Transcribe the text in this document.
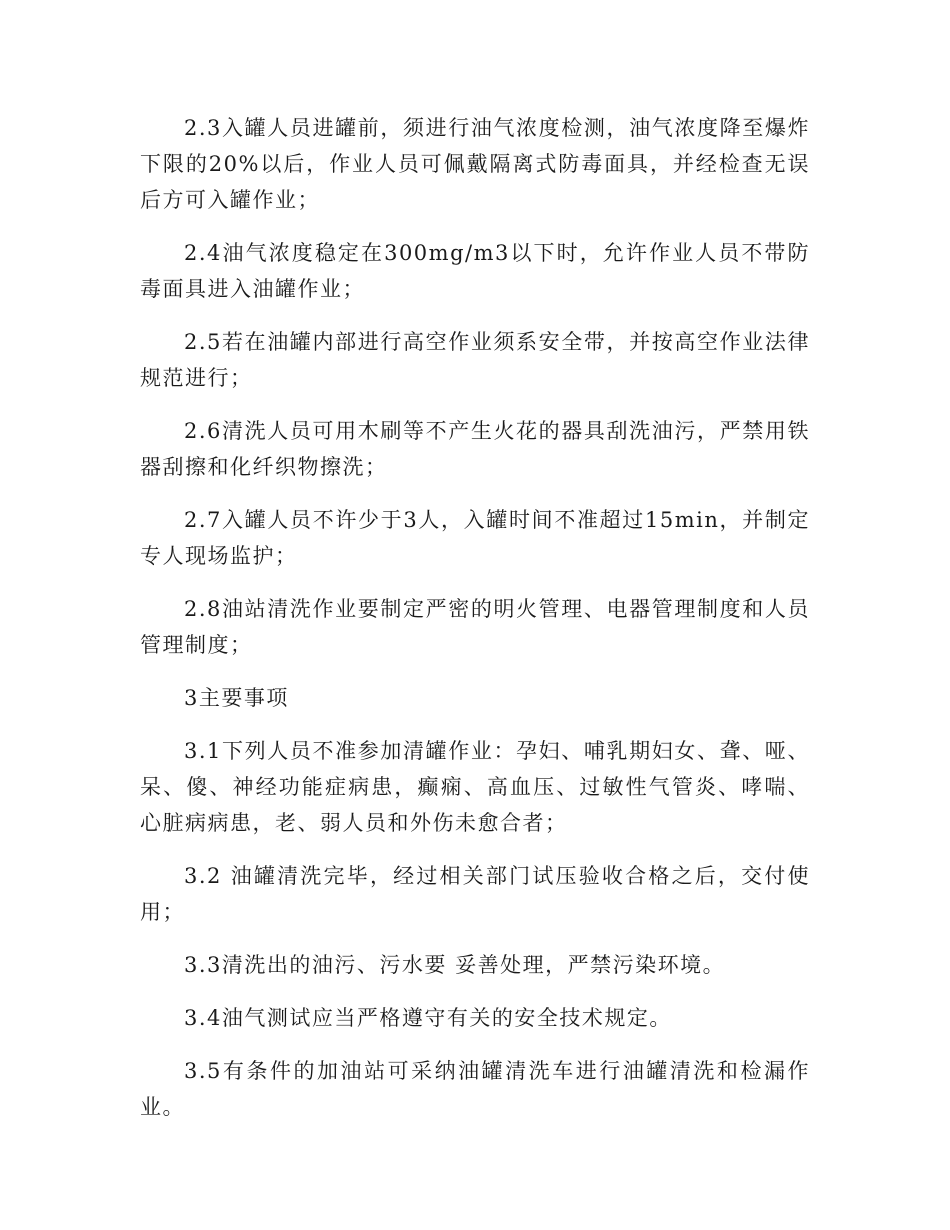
2.3入罐人员进罐前，须进行油气浓度检测，油气浓度降至爆炸下限的20%以后，作业人员可佩戴隔离式防毒面具，并经检查无误后方可入罐作业；

2.4油气浓度稳定在300mg/m3以下时，允许作业人员不带防毒面具进入油罐作业；

2.5若在油罐内部进行高空作业须系安全带，并按高空作业法律规范进行；

2.6清洗人员可用木刷等不产生火花的器具刮洗油污，严禁用铁器刮擦和化纤织物擦洗；

2.7入罐人员不许少于3人，入罐时间不准超过15min，并制定专人现场监护；

2.8油站清洗作业要制定严密的明火管理、电器管理制度和人员管理制度；

3主要事项

3.1下列人员不准参加清罐作业：孕妇、哺乳期妇女、聋、哑、呆、傻、神经功能症病患，癫痫、高血压、过敏性气管炎、哮喘、心脏病病患，老、弱人员和外伤未愈合者；

3.2 油罐清洗完毕，经过相关部门试压验收合格之后，交付使用；

3.3清洗出的油污、污水要 妥善处理，严禁污染环境。

3.4油气测试应当严格遵守有关的安全技术规定。

3.5有条件的加油站可采纳油罐清洗车进行油罐清洗和检漏作业。
